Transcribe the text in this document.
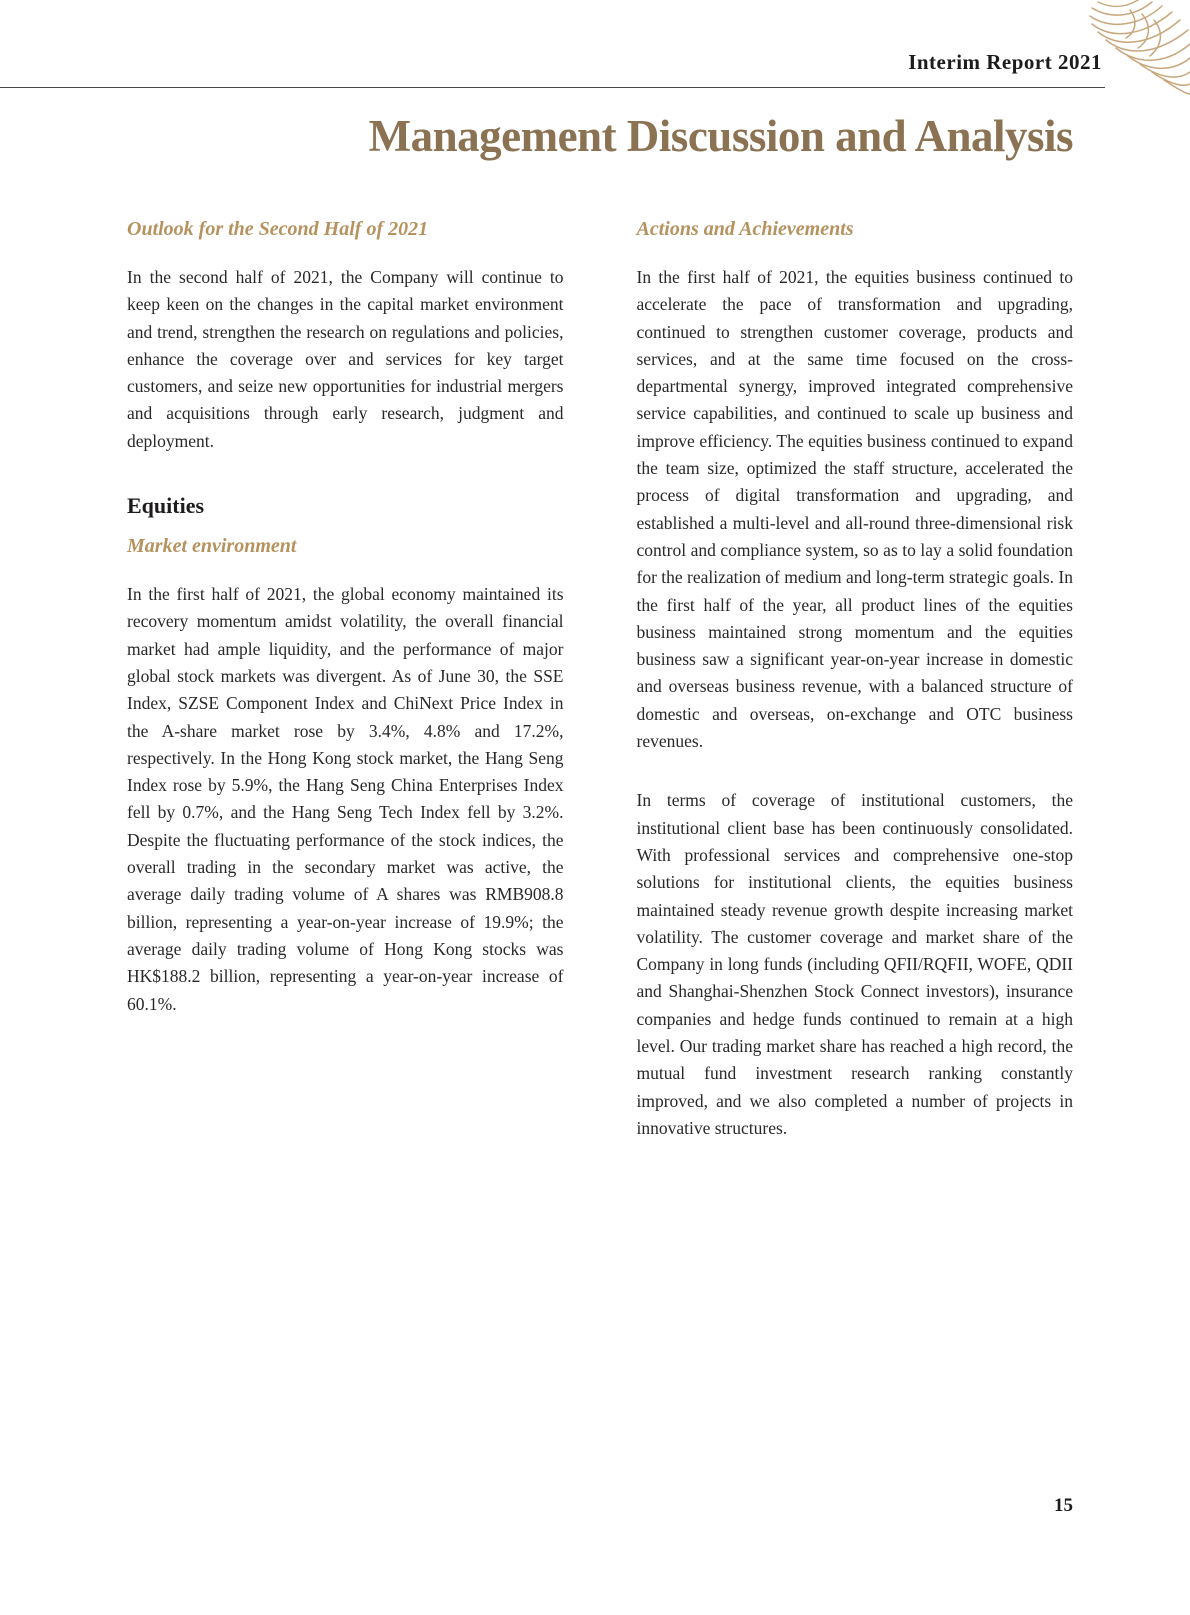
Interim Report 2021
Management Discussion and Analysis
Outlook for the Second Half of 2021

In the second half of 2021, the Company will continue to keep keen on the changes in the capital market environment and trend, strengthen the research on regulations and policies, enhance the coverage over and services for key target customers, and seize new opportunities for industrial mergers and acquisitions through early research, judgment and deployment.

Equities
Market environment

In the first half of 2021, the global economy maintained its recovery momentum amidst volatility, the overall financial market had ample liquidity, and the performance of major global stock markets was divergent. As of June 30, the SSE Index, SZSE Component Index and ChiNext Price Index in the A-share market rose by 3.4%, 4.8% and 17.2%, respectively. In the Hong Kong stock market, the Hang Seng Index rose by 5.9%, the Hang Seng China Enterprises Index fell by 0.7%, and the Hang Seng Tech Index fell by 3.2%. Despite the fluctuating performance of the stock indices, the overall trading in the secondary market was active, the average daily trading volume of A shares was RMB908.8 billion, representing a year-on-year increase of 19.9%; the average daily trading volume of Hong Kong stocks was HK$188.2 billion, representing a year-on-year increase of 60.1%.

Actions and Achievements

In the first half of 2021, the equities business continued to accelerate the pace of transformation and upgrading, continued to strengthen customer coverage, products and services, and at the same time focused on the cross-departmental synergy, improved integrated comprehensive service capabilities, and continued to scale up business and improve efficiency. The equities business continued to expand the team size, optimized the staff structure, accelerated the process of digital transformation and upgrading, and established a multi-level and all-round three-dimensional risk control and compliance system, so as to lay a solid foundation for the realization of medium and long-term strategic goals. In the first half of the year, all product lines of the equities business maintained strong momentum and the equities business saw a significant year-on-year increase in domestic and overseas business revenue, with a balanced structure of domestic and overseas, on-exchange and OTC business revenues.

In terms of coverage of institutional customers, the institutional client base has been continuously consolidated. With professional services and comprehensive one-stop solutions for institutional clients, the equities business maintained steady revenue growth despite increasing market volatility. The customer coverage and market share of the Company in long funds (including QFII/RQFII, WOFE, QDII and Shanghai-Shenzhen Stock Connect investors), insurance companies and hedge funds continued to remain at a high level. Our trading market share has reached a high record, the mutual fund investment research ranking constantly improved, and we also completed a number of projects in innovative structures.

15
